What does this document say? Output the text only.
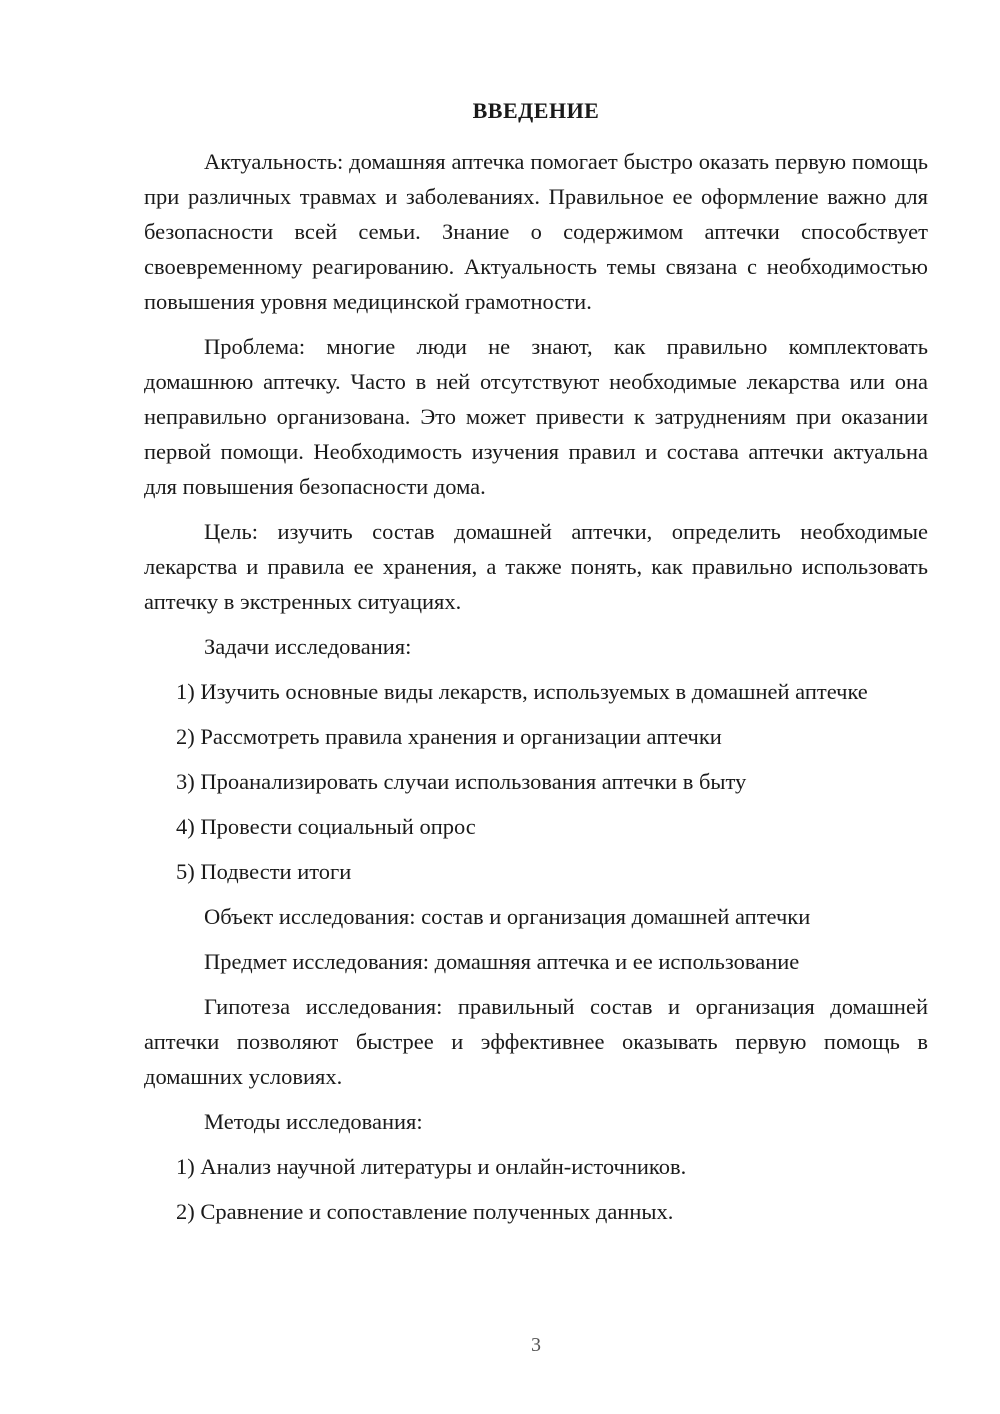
ВВЕДЕНИЕ

Актуальность: домашняя аптечка помогает быстро оказать первую помощь при различных травмах и заболеваниях. Правильное ее оформление важно для безопасности всей семьи. Знание о содержимом аптечки способствует своевременному реагированию. Актуальность темы связана с необходимостью повышения уровня медицинской грамотности.

Проблема: многие люди не знают, как правильно комплектовать домашнюю аптечку. Часто в ней отсутствуют необходимые лекарства или она неправильно организована. Это может привести к затруднениям при оказании первой помощи. Необходимость изучения правил и состава аптечки актуальна для повышения безопасности дома.

Цель: изучить состав домашней аптечки, определить необходимые лекарства и правила ее хранения, а также понять, как правильно использовать аптечку в экстренных ситуациях.

Задачи исследования:

1) Изучить основные виды лекарств, используемых в домашней аптечке

2) Рассмотреть правила хранения и организации аптечки

3) Проанализировать случаи использования аптечки в быту

4) Провести социальный опрос

5) Подвести итоги

Объект исследования: состав и организация домашней аптечки

Предмет исследования: домашняя аптечка и ее использование

Гипотеза исследования: правильный состав и организация домашней аптечки позволяют быстрее и эффективнее оказывать первую помощь в домашних условиях.

Методы исследования:

1) Анализ научной литературы и онлайн-источников.

2) Сравнение и сопоставление полученных данных.

3
